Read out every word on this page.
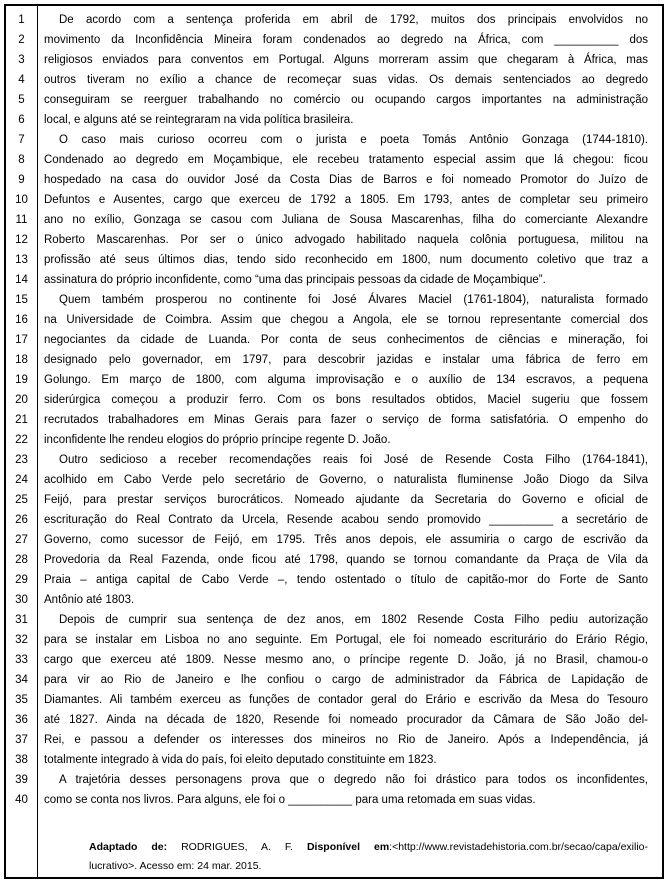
1
2
3
4
5
6
7
8
9
10
11
12
13
14
15
16
17
18
19
20
21
22
23
24
25
26
27
28
29
30
31
32
33
34
35
36
37
38
39
40
De acordo com a sentença proferida em abril de 1792, muitos dos principais envolvidos no
movimento da Inconfidência Mineira foram condenados ao degredo na África, com __________ dos
religiosos enviados para conventos em Portugal. Alguns morreram assim que chegaram à África, mas
outros tiveram no exílio a chance de recomeçar suas vidas. Os demais sentenciados ao degredo
conseguiram se reerguer trabalhando no comércio ou ocupando cargos importantes na administração
local, e alguns até se reintegraram na vida política brasileira.
O caso mais curioso ocorreu com o jurista e poeta Tomás Antônio Gonzaga (1744-1810).
Condenado ao degredo em Moçambique, ele recebeu tratamento especial assim que lá chegou: ficou
hospedado na casa do ouvidor José da Costa Dias de Barros e foi nomeado Promotor do Juízo de
Defuntos e Ausentes, cargo que exerceu de 1792 a 1805. Em 1793, antes de completar seu primeiro
ano no exílio, Gonzaga se casou com Juliana de Sousa Mascarenhas, filha do comerciante Alexandre
Roberto Mascarenhas. Por ser o único advogado habilitado naquela colônia portuguesa, militou na
profissão até seus últimos dias, tendo sido reconhecido em 1800, num documento coletivo que traz a
assinatura do próprio inconfidente, como “uma das principais pessoas da cidade de Moçambique”.
Quem também prosperou no continente foi José Álvares Maciel (1761-1804), naturalista formado
na Universidade de Coimbra. Assim que chegou a Angola, ele se tornou representante comercial dos
negociantes da cidade de Luanda. Por conta de seus conhecimentos de ciências e mineração, foi
designado pelo governador, em 1797, para descobrir jazidas e instalar uma fábrica de ferro em
Golungo. Em março de 1800, com alguma improvisação e o auxílio de 134 escravos, a pequena
siderúrgica começou a produzir ferro. Com os bons resultados obtidos, Maciel sugeriu que fossem
recrutados trabalhadores em Minas Gerais para fazer o serviço de forma satisfatória. O empenho do
inconfidente lhe rendeu elogios do próprio príncipe regente D. João.
Outro sedicioso a receber recomendações reais foi José de Resende Costa Filho (1764-1841),
acolhido em Cabo Verde pelo secretário de Governo, o naturalista fluminense João Diogo da Silva
Feijó, para prestar serviços burocráticos. Nomeado ajudante da Secretaria do Governo e oficial de
escrituração do Real Contrato da Urcela, Resende acabou sendo promovido __________ a secretário de
Governo, como sucessor de Feijó, em 1795. Três anos depois, ele assumiria o cargo de escrivão da
Provedoria da Real Fazenda, onde ficou até 1798, quando se tornou comandante da Praça de Vila da
Praia – antiga capital de Cabo Verde –, tendo ostentado o título de capitão-mor do Forte de Santo
Antônio até 1803.
Depois de cumprir sua sentença de dez anos, em 1802 Resende Costa Filho pediu autorização
para se instalar em Lisboa no ano seguinte. Em Portugal, ele foi nomeado escriturário do Erário Régio,
cargo que exerceu até 1809. Nesse mesmo ano, o príncipe regente D. João, já no Brasil, chamou-o
para vir ao Rio de Janeiro e lhe confiou o cargo de administrador da Fábrica de Lapidação de
Diamantes. Ali também exerceu as funções de contador geral do Erário e escrivão da Mesa do Tesouro
até 1827. Ainda na década de 1820, Resende foi nomeado procurador da Câmara de São João del-
Rei, e passou a defender os interesses dos mineiros no Rio de Janeiro. Após a Independência, já
totalmente integrado à vida do país, foi eleito deputado constituinte em 1823.
A trajetória desses personagens prova que o degredo não foi drástico para todos os inconfidentes,
como se conta nos livros. Para alguns, ele foi o __________ para uma retomada em suas vidas.
Adaptado de: RODRIGUES, A. F. Disponível em:<http://www.revistadehistoria.com.br/secao/capa/exilio-
lucrativo>. Acesso em: 24 mar. 2015.
